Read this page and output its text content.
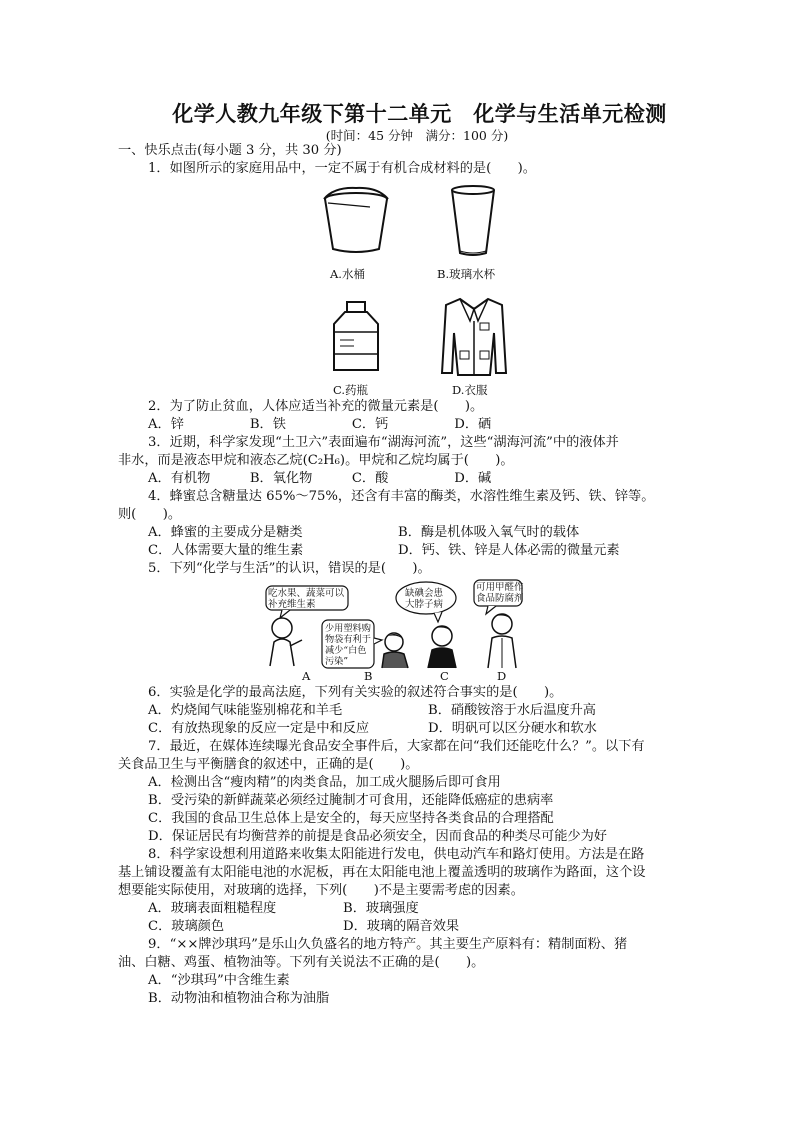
化学人教九年级下第十二单元　化学与生活单元检测
(时间：45 分钟　满分：100 分)
一、快乐点击(每小题 3 分，共 30 分)
1．如图所示的家庭用品中，一定不属于有机合成材料的是(　　)。
A.水桶	B.玻璃水杯
C.药瓶	D.衣服
2．为了防止贫血，人体应适当补充的微量元素是(　　)。
A．锌　　　　　B．铁　　　　　C．钙　　　　　D．硒
3．近期，科学家发现“土卫六”表面遍布“湖海河流”，这些“湖海河流”中的液体并
非水，而是液态甲烷和液态乙烷(C₂H₆)。甲烷和乙烷均属于(　　)。
A．有机物　　　B．氧化物　　　C．酸　　　　　D．碱
4．蜂蜜总含糖量达 65%～75%，还含有丰富的酶类，水溶性维生素及钙、铁、锌等。
则(　　)。
A．蜂蜜的主要成分是糖类	B．酶是机体吸入氧气时的载体
C．人体需要大量的维生素	D．钙、铁、锌是人体必需的微量元素
5．下列“化学与生活”的认识，错误的是(　　)。
吃水果、蔬菜可以
补充维生素
少用塑料购
物袋有利于
减少“白色
污染”
缺碘会患
大脖子病
可用甲醛作
食品防腐剂
A	B	C	D
6．实验是化学的最高法庭，下列有关实验的叙述符合事实的是(　　)。
A．灼烧闻气味能鉴别棉花和羊毛	B．硝酸铵溶于水后温度升高
C．有放热现象的反应一定是中和反应	D．明矾可以区分硬水和软水
7．最近，在媒体连续曝光食品安全事件后，大家都在问“我们还能吃什么？”。以下有
关食品卫生与平衡膳食的叙述中，正确的是(　　)。
A．检测出含“瘦肉精”的肉类食品，加工成火腿肠后即可食用
B．受污染的新鲜蔬菜必须经过腌制才可食用，还能降低癌症的患病率
C．我国的食品卫生总体上是安全的，每天应坚持各类食品的合理搭配
D．保证居民有均衡营养的前提是食品必须安全，因而食品的种类尽可能少为好
8．科学家设想利用道路来收集太阳能进行发电，供电动汽车和路灯使用。方法是在路
基上铺设覆盖有太阳能电池的水泥板，再在太阳能电池上覆盖透明的玻璃作为路面，这个设
想要能实际使用，对玻璃的选择，下列(　　)不是主要需考虑的因素。
A．玻璃表面粗糙程度	B．玻璃强度
C．玻璃颜色	D．玻璃的隔音效果
9．“××牌沙琪玛”是乐山久负盛名的地方特产。其主要生产原料有：精制面粉、猪
油、白糖、鸡蛋、植物油等。下列有关说法不正确的是(　　)。
A．“沙琪玛”中含维生素
B．动物油和植物油合称为油脂
